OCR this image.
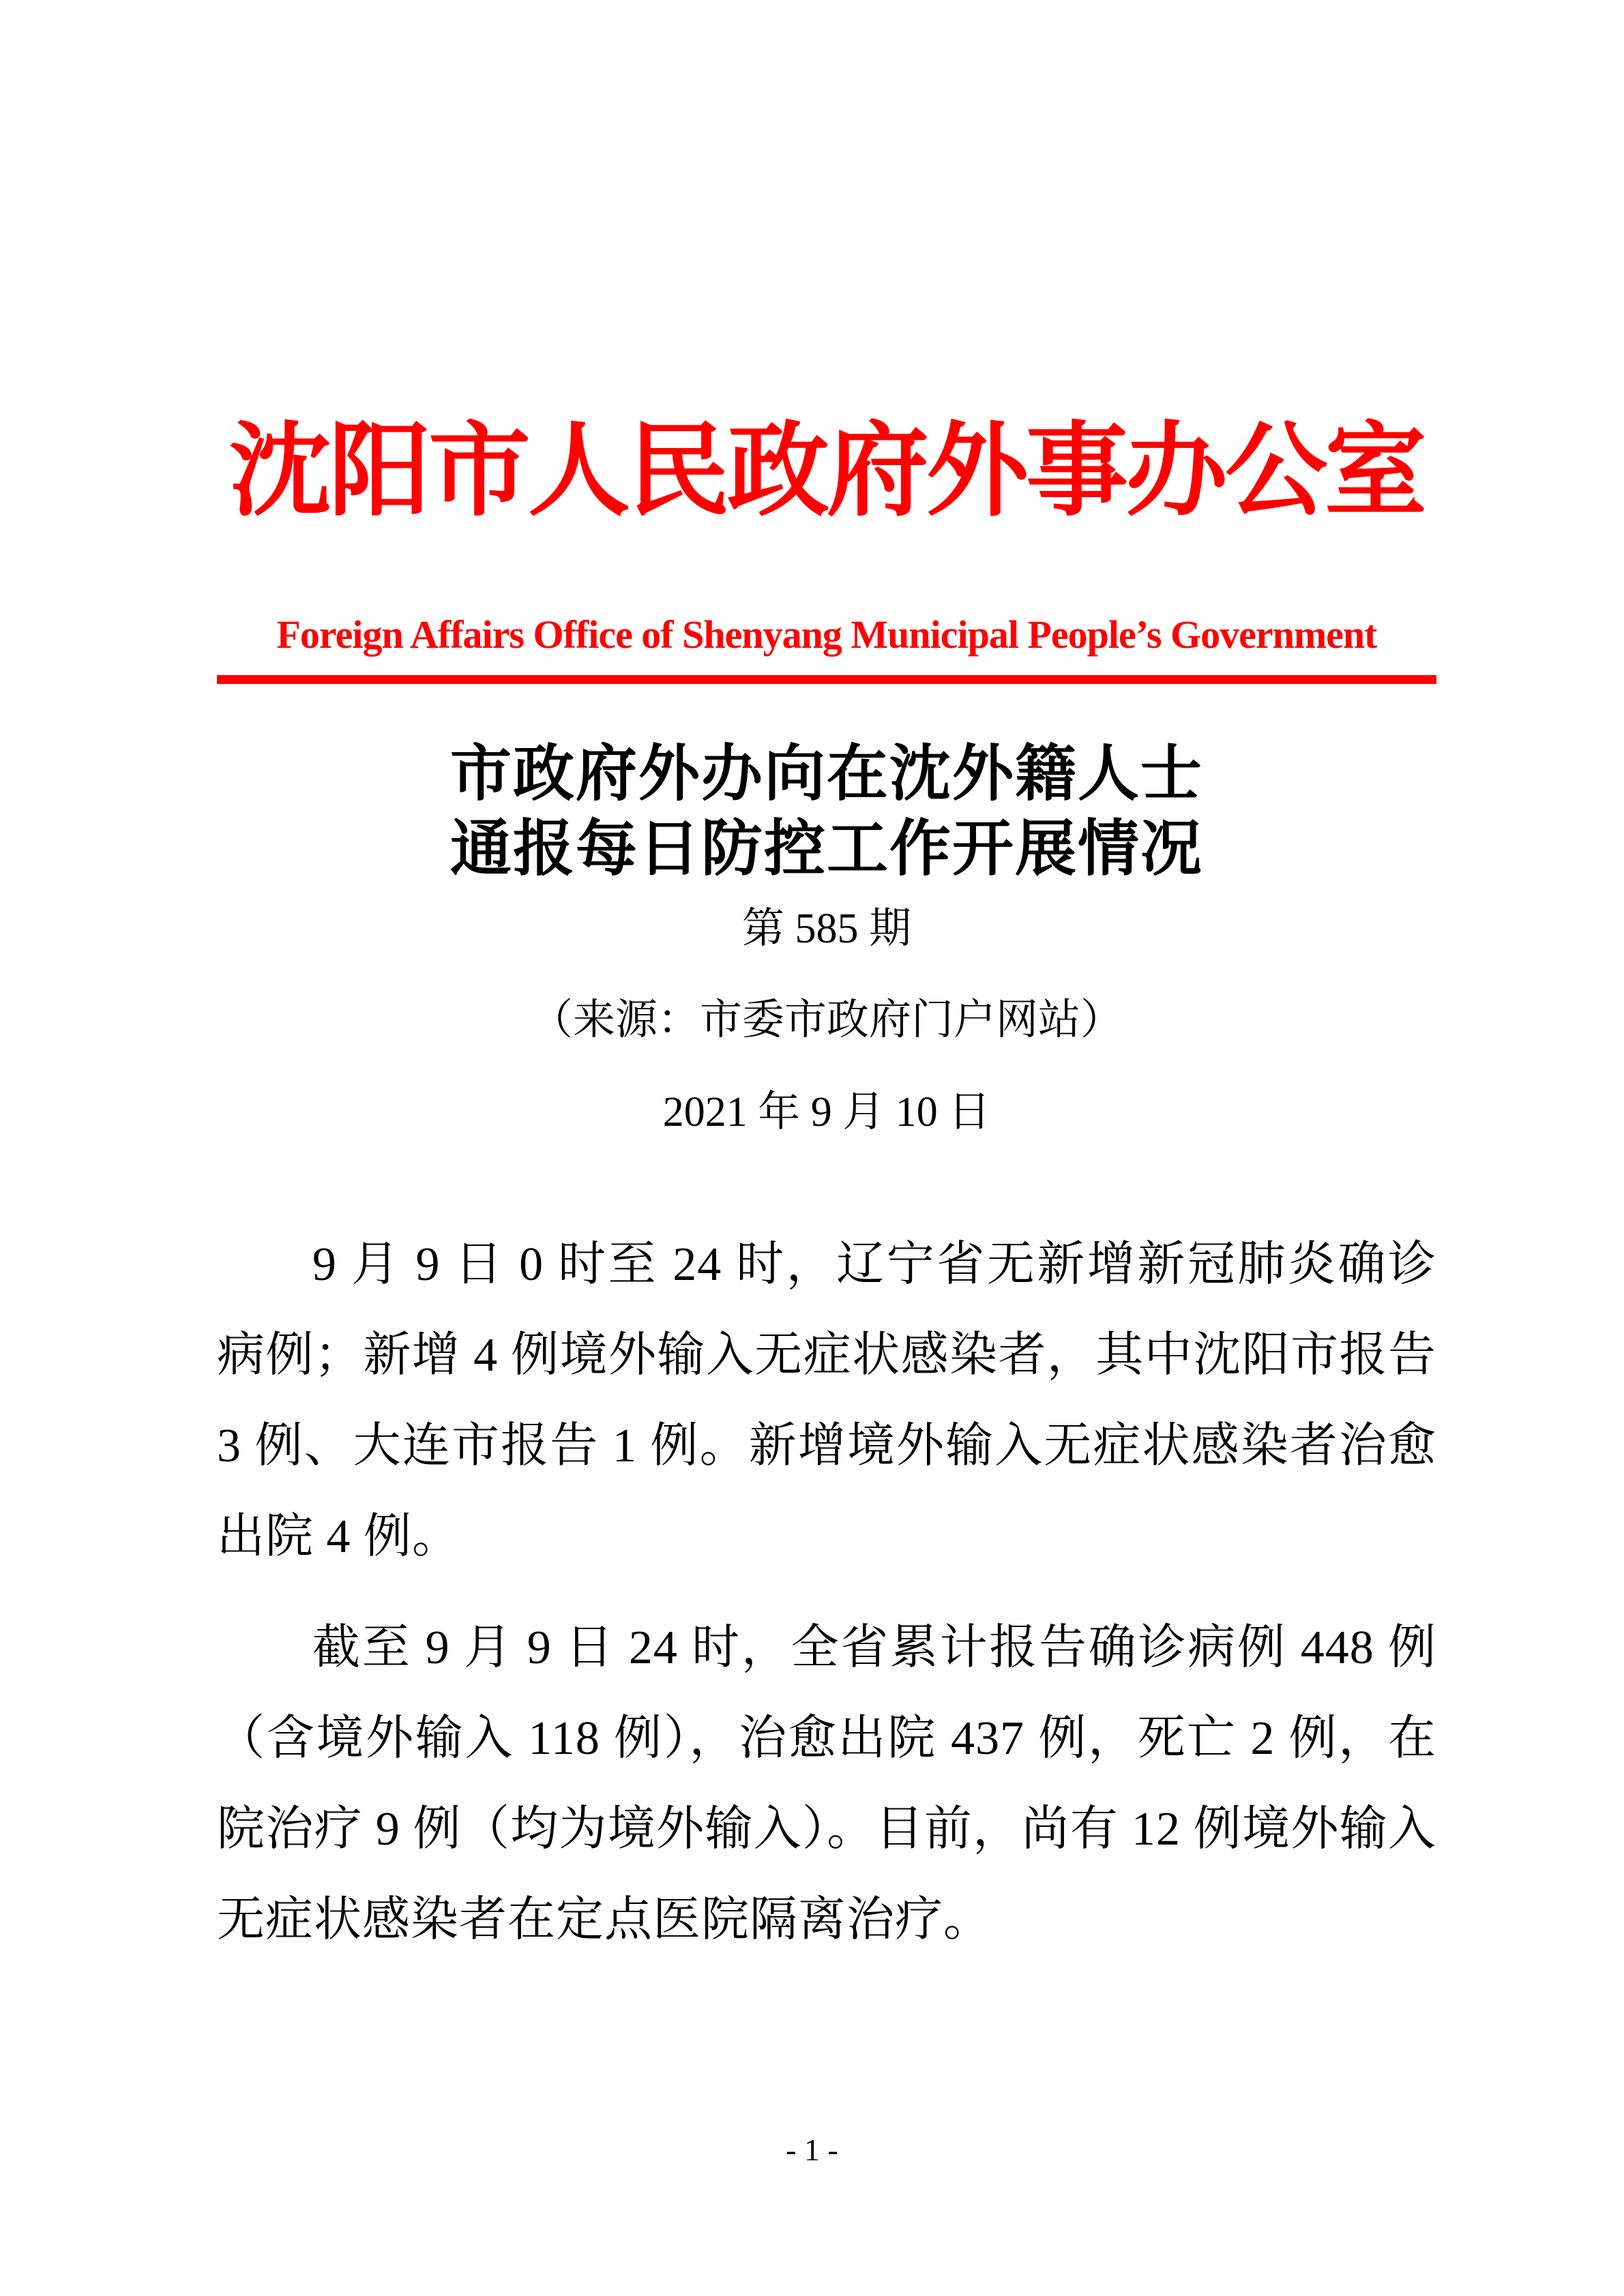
沈阳市人民政府外事办公室
Foreign Affairs Office of Shenyang Municipal People’s Government
市政府外办向在沈外籍人士
通报每日防控工作开展情况
第 585 期
（来源：市委市政府门户网站）
2021 年 9 月 10 日

9 月 9 日 0 时至 24 时，辽宁省无新增新冠肺炎确诊病例；新增 4 例境外输入无症状感染者，其中沈阳市报告 3 例、大连市报告 1 例。新增境外输入无症状感染者治愈出院 4 例。

截至 9 月 9 日 24 时，全省累计报告确诊病例 448 例（含境外输入 118 例），治愈出院 437 例，死亡 2 例，在院治疗 9 例（均为境外输入）。目前，尚有 12 例境外输入无症状感染者在定点医院隔离治疗。

- 1 -
